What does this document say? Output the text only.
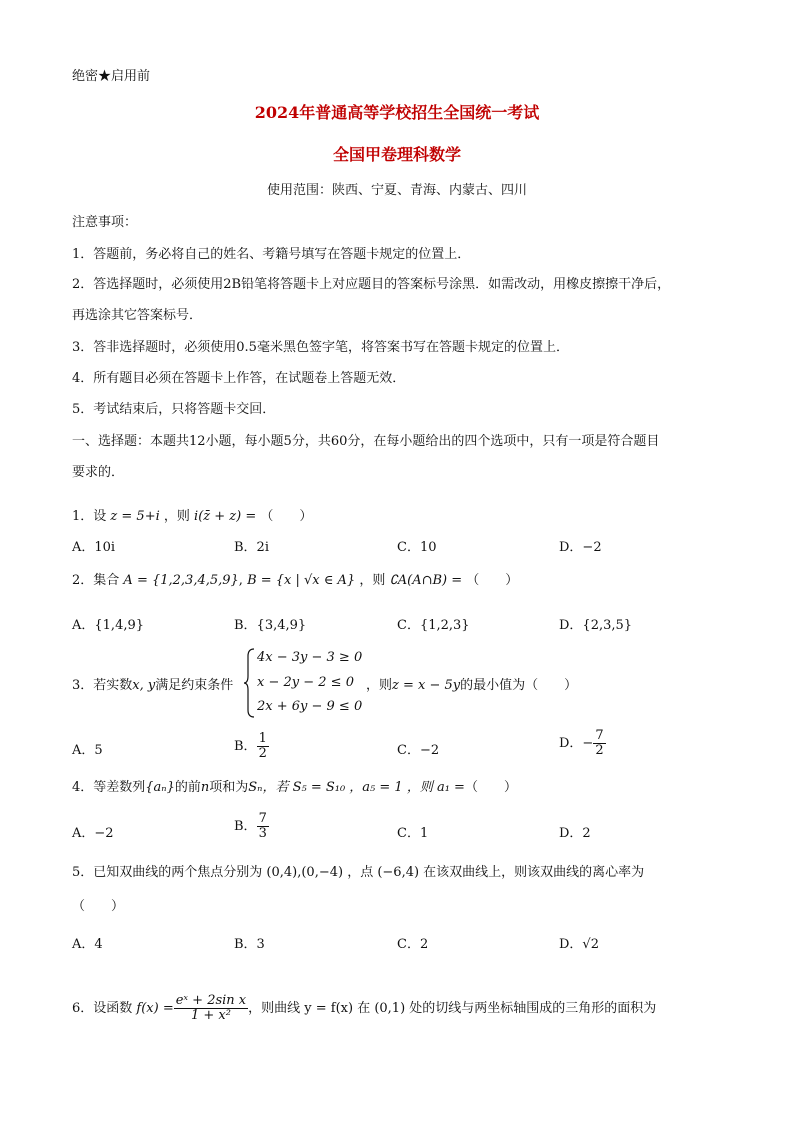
绝密★启用前
2024年普通高等学校招生全国统一考试
全国甲卷理科数学
使用范围：陕西、宁夏、青海、内蒙古、四川
注意事项：
1．答题前，务必将自己的姓名、考籍号填写在答题卡规定的位置上．
2．答选择题时，必须使用2B铅笔将答题卡上对应题目的答案标号涂黑．如需改动，用橡皮擦擦干净后，
再选涂其它答案标号．
3．答非选择题时，必须使用0.5毫米黑色签字笔，将答案书写在答题卡规定的位置上．
4．所有题目必须在答题卡上作答，在试题卷上答题无效．
5．考试结束后，只将答题卡交回．
一、选择题：本题共12小题，每小题5分，共60分，在每小题给出的四个选项中，只有一项是符合题目
要求的．
1．设 z = 5+i ，则 i(z̄ + z) = （　　）
A．10i	B．2i	C．10	D．−2
2．集合 A = {1,2,3,4,5,9}, B = {x | √x ∈ A} ，则 ∁A(A∩B) = （　　）
A．{1,4,9}	B．{3,4,9}	C．{1,2,3}	D．{2,3,5}
3．若实数x, y满足约束条件
4x − 3y − 3 ≥ 0
x − 2y − 2 ≤ 0
2x + 6y − 9 ≤ 0
，则z = x − 5y的最小值为（　　）
A．5	B． $\frac{1}{2}$	C．−2	D．− $\frac{7}{2}$
4．等差数列{aₙ}的前n项和为Sₙ，若 S₅ = S₁₀ ，a₅ = 1 ，则 a₁ =（　　）
A．−2	B． $\frac{7}{3}$	C．1	D．2
5．已知双曲线的两个焦点分别为 (0,4),(0,−4) ，点 (−6,4) 在该双曲线上，则该双曲线的离心率为
（　　）
A．4	B．3	C．2	D．√2
6．设函数 $f(x) = \frac{\text{eˣ + 2sin x}}{\text{1 + x²}}$ ，则曲线 y = f(x) 在 (0,1) 处的切线与两坐标轴围成的三角形的面积为
